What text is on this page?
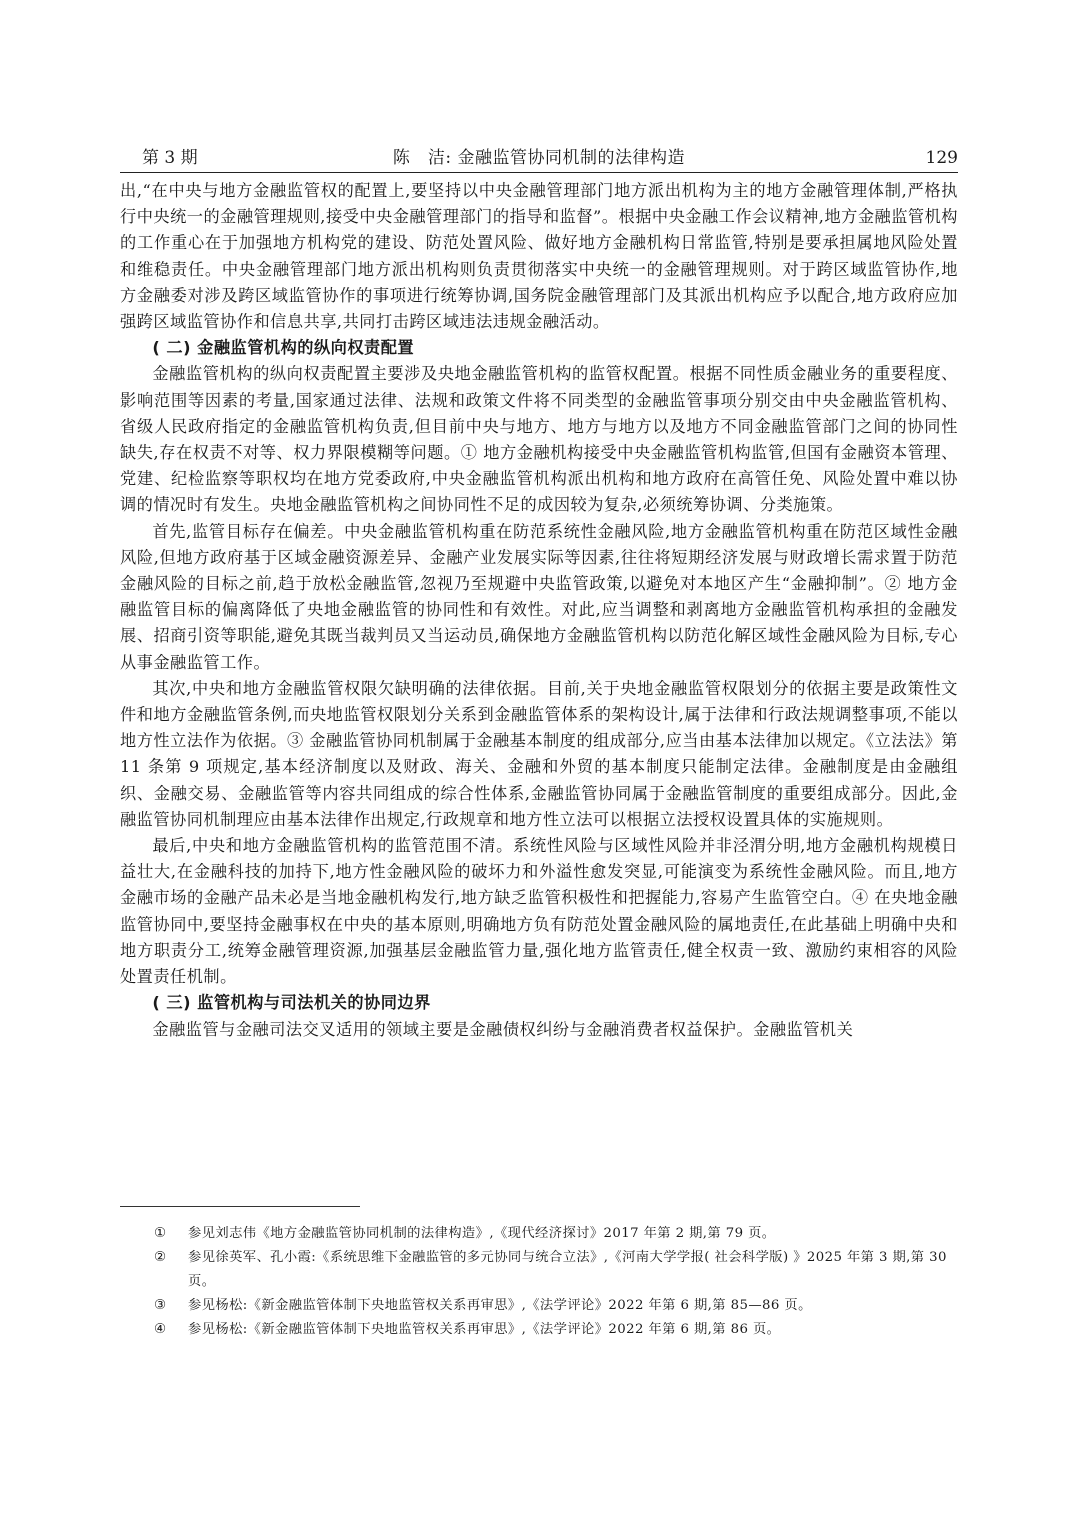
第 3 期	陈　洁: 金融监管协同机制的法律构造	129

出,“在中央与地方金融监管权的配置上,要坚持以中央金融管理部门地方派出机构为主的地方金融管理体制,严格执行中央统一的金融管理规则,接受中央金融管理部门的指导和监督”。根据中央金融工作会议精神,地方金融监管机构的工作重心在于加强地方机构党的建设、防范处置风险、做好地方金融机构日常监管,特别是要承担属地风险处置和维稳责任。中央金融管理部门地方派出机构则负责贯彻落实中央统一的金融管理规则。对于跨区域监管协作,地方金融委对涉及跨区域监管协作的事项进行统筹协调,国务院金融管理部门及其派出机构应予以配合,地方政府应加强跨区域监管协作和信息共享,共同打击跨区域违法违规金融活动。

( 二) 金融监管机构的纵向权责配置

金融监管机构的纵向权责配置主要涉及央地金融监管机构的监管权配置。根据不同性质金融业务的重要程度、影响范围等因素的考量,国家通过法律、法规和政策文件将不同类型的金融监管事项分别交由中央金融监管机构、省级人民政府指定的金融监管机构负责,但目前中央与地方、地方与地方以及地方不同金融监管部门之间的协同性缺失,存在权责不对等、权力界限模糊等问题。① 地方金融机构接受中央金融监管机构监管,但国有金融资本管理、党建、纪检监察等职权均在地方党委政府,中央金融监管机构派出机构和地方政府在高管任免、风险处置中难以协调的情况时有发生。央地金融监管机构之间协同性不足的成因较为复杂,必须统筹协调、分类施策。

首先,监管目标存在偏差。中央金融监管机构重在防范系统性金融风险,地方金融监管机构重在防范区域性金融风险,但地方政府基于区域金融资源差异、金融产业发展实际等因素,往往将短期经济发展与财政增长需求置于防范金融风险的目标之前,趋于放松金融监管,忽视乃至规避中央监管政策,以避免对本地区产生“金融抑制”。② 地方金融监管目标的偏离降低了央地金融监管的协同性和有效性。对此,应当调整和剥离地方金融监管机构承担的金融发展、招商引资等职能,避免其既当裁判员又当运动员,确保地方金融监管机构以防范化解区域性金融风险为目标,专心从事金融监管工作。

其次,中央和地方金融监管权限欠缺明确的法律依据。目前,关于央地金融监管权限划分的依据主要是政策性文件和地方金融监管条例,而央地监管权限划分关系到金融监管体系的架构设计,属于法律和行政法规调整事项,不能以地方性立法作为依据。③ 金融监管协同机制属于金融基本制度的组成部分,应当由基本法律加以规定。《立法法》第 11 条第 9 项规定,基本经济制度以及财政、海关、金融和外贸的基本制度只能制定法律。金融制度是由金融组织、金融交易、金融监管等内容共同组成的综合性体系,金融监管协同属于金融监管制度的重要组成部分。因此,金融监管协同机制理应由基本法律作出规定,行政规章和地方性立法可以根据立法授权设置具体的实施规则。

最后,中央和地方金融监管机构的监管范围不清。系统性风险与区域性风险并非泾渭分明,地方金融机构规模日益壮大,在金融科技的加持下,地方性金融风险的破坏力和外溢性愈发突显,可能演变为系统性金融风险。而且,地方金融市场的金融产品未必是当地金融机构发行,地方缺乏监管积极性和把握能力,容易产生监管空白。④ 在央地金融监管协同中,要坚持金融事权在中央的基本原则,明确地方负有防范处置金融风险的属地责任,在此基础上明确中央和地方职责分工,统筹金融管理资源,加强基层金融监管力量,强化地方监管责任,健全权责一致、激励约束相容的风险处置责任机制。

( 三) 监管机构与司法机关的协同边界

金融监管与金融司法交叉适用的领域主要是金融债权纠纷与金融消费者权益保护。金融监管机关

① 参见刘志伟《地方金融监管协同机制的法律构造》,《现代经济探讨》2017 年第 2 期,第 79 页。
② 参见徐英军、孔小霞:《系统思维下金融监管的多元协同与统合立法》,《河南大学学报( 社会科学版) 》2025 年第 3 期,第 30 页。
③ 参见杨松:《新金融监管体制下央地监管权关系再审思》,《法学评论》2022 年第 6 期,第 85—86 页。
④ 参见杨松:《新金融监管体制下央地监管权关系再审思》,《法学评论》2022 年第 6 期,第 86 页。
